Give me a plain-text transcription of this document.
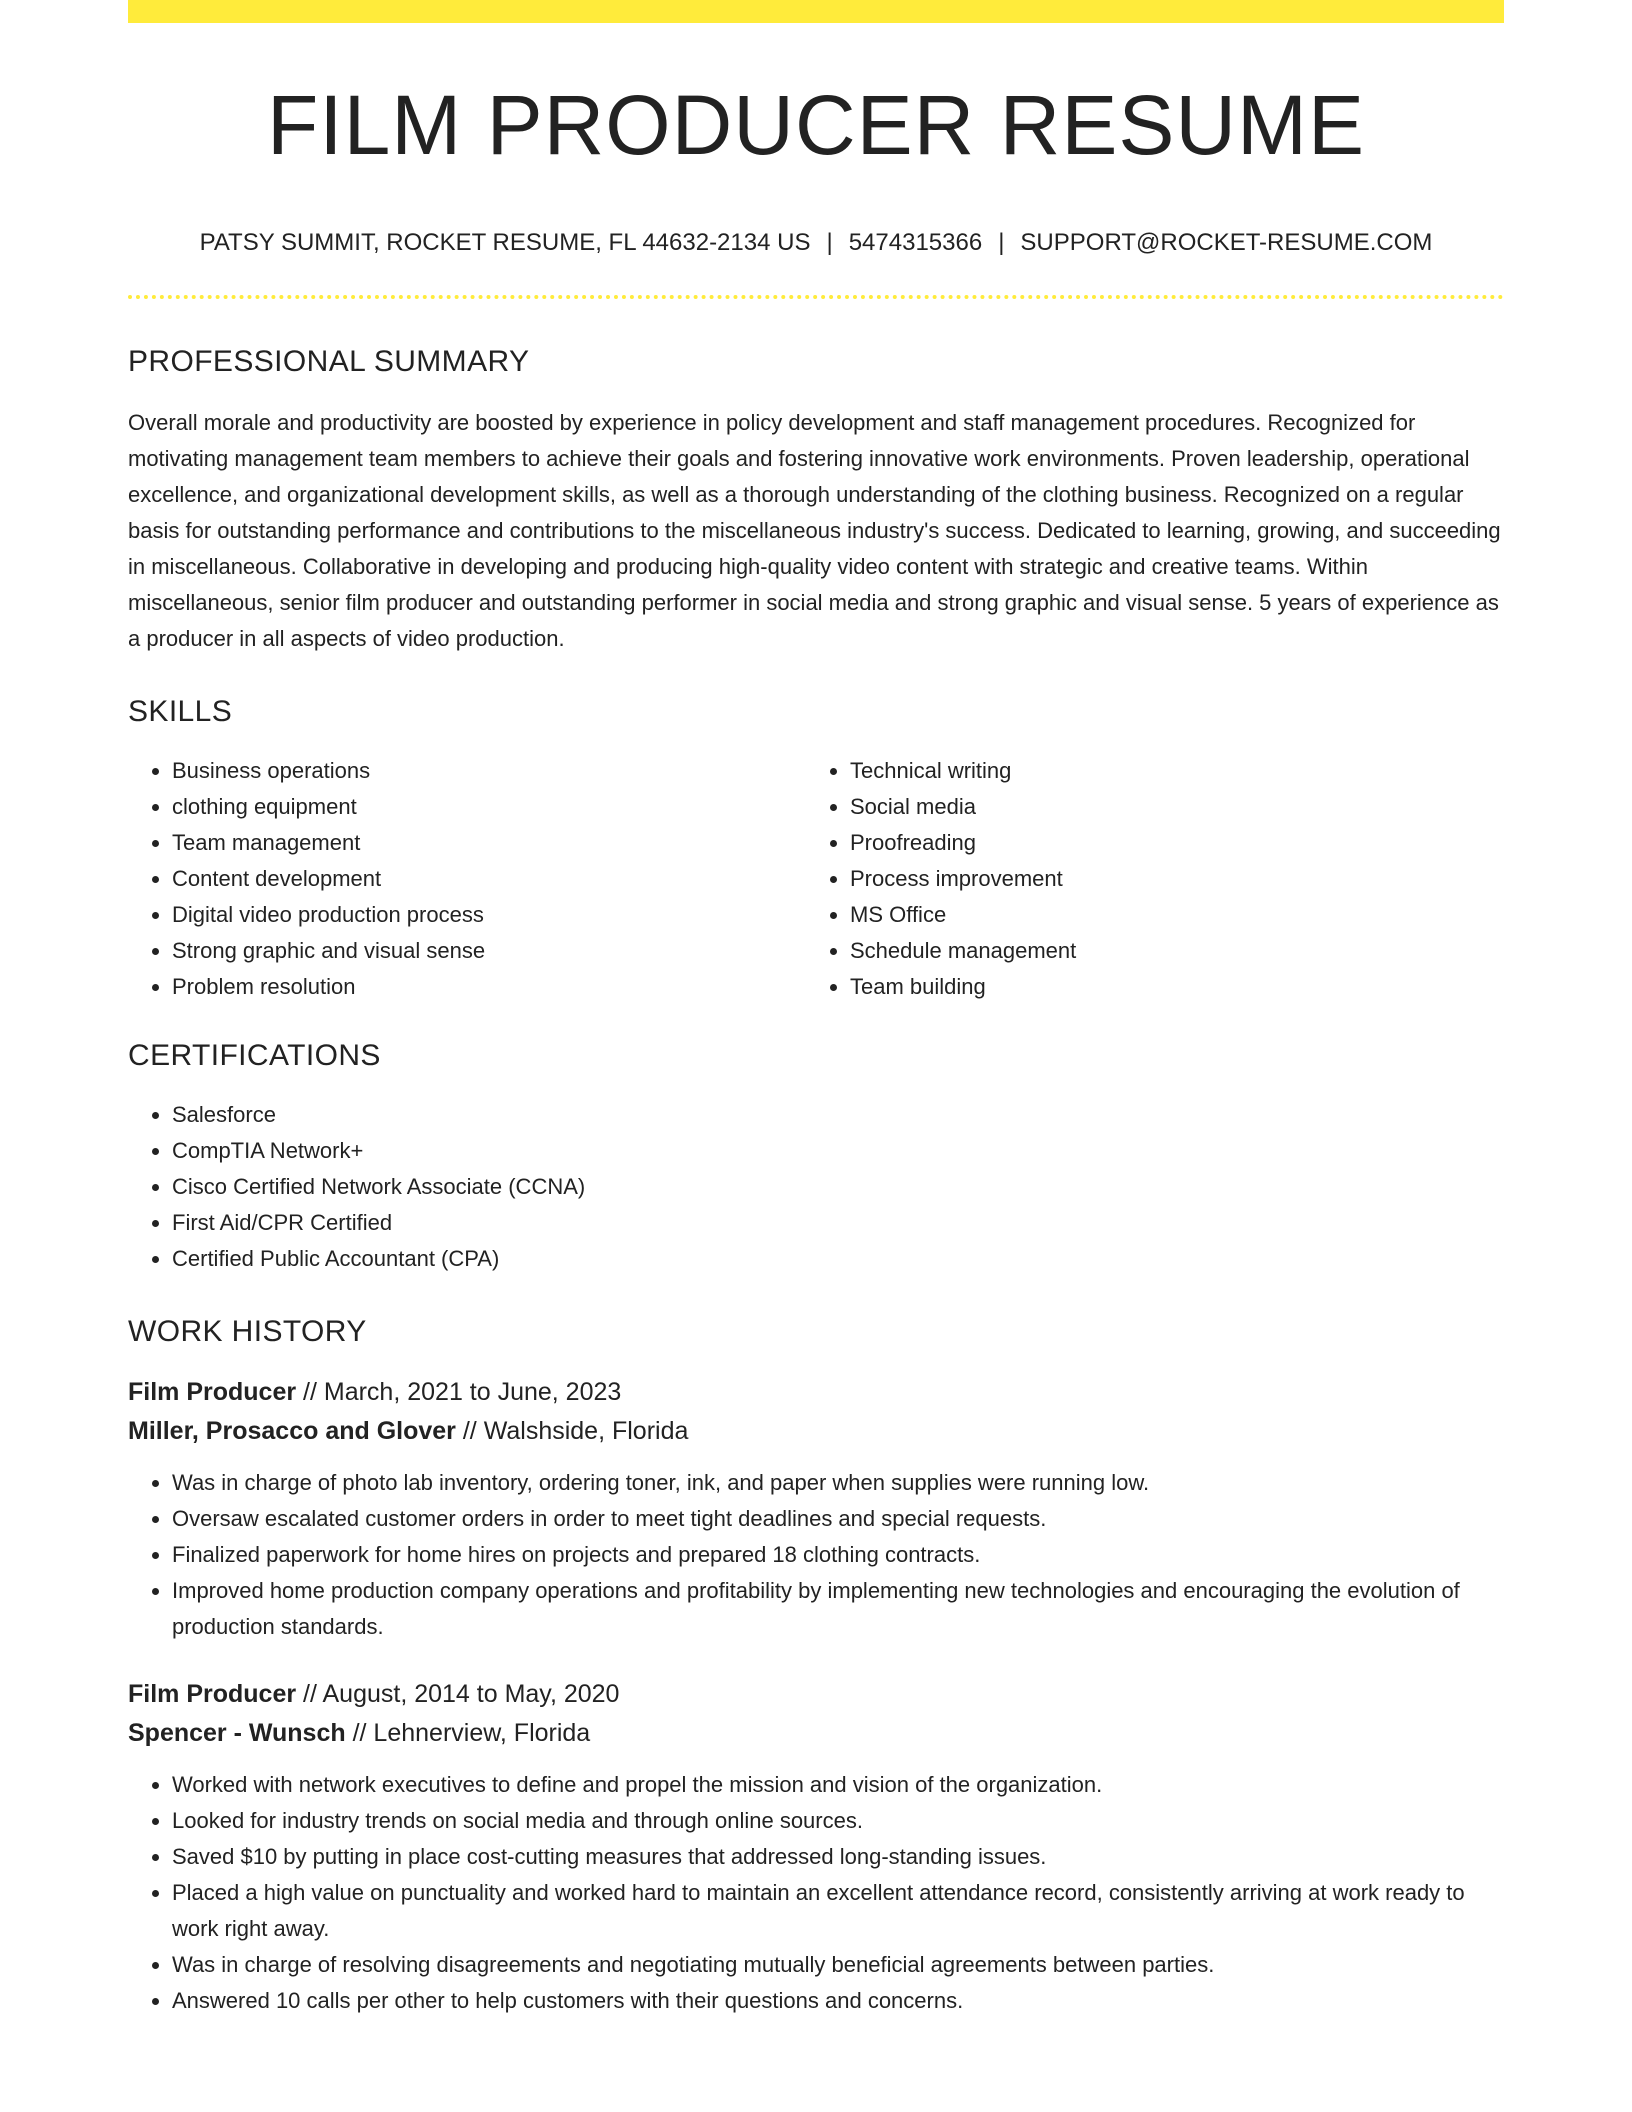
FILM PRODUCER RESUME
PATSY SUMMIT, ROCKET RESUME, FL 44632-2134 US | 5474315366 | SUPPORT@ROCKET-RESUME.COM
PROFESSIONAL SUMMARY

Overall morale and productivity are boosted by experience in policy development and staff management procedures. Recognized for motivating management team members to achieve their goals and fostering innovative work environments. Proven leadership, operational excellence, and organizational development skills, as well as a thorough understanding of the clothing business. Recognized on a regular basis for outstanding performance and contributions to the miscellaneous industry's success. Dedicated to learning, growing, and succeeding in miscellaneous. Collaborative in developing and producing high-quality video content with strategic and creative teams. Within miscellaneous, senior film producer and outstanding performer in social media and strong graphic and visual sense. 5 years of experience as a producer in all aspects of video production.

SKILLS
• Business operations
• clothing equipment
• Team management
• Content development
• Digital video production process
• Strong graphic and visual sense
• Problem resolution
• Technical writing
• Social media
• Proofreading
• Process improvement
• MS Office
• Schedule management
• Team building
CERTIFICATIONS
• Salesforce
• CompTIA Network+
• Cisco Certified Network Associate (CCNA)
• First Aid/CPR Certified
• Certified Public Accountant (CPA)
WORK HISTORY
Film Producer // March, 2021 to June, 2023
Miller, Prosacco and Glover // Walshside, Florida
• Was in charge of photo lab inventory, ordering toner, ink, and paper when supplies were running low.
• Oversaw escalated customer orders in order to meet tight deadlines and special requests.
• Finalized paperwork for home hires on projects and prepared 18 clothing contracts.
• Improved home production company operations and profitability by implementing new technologies and encouraging the evolution of production standards.
Film Producer // August, 2014 to May, 2020
Spencer - Wunsch // Lehnerview, Florida
• Worked with network executives to define and propel the mission and vision of the organization.
• Looked for industry trends on social media and through online sources.
• Saved $10 by putting in place cost-cutting measures that addressed long-standing issues.
• Placed a high value on punctuality and worked hard to maintain an excellent attendance record, consistently arriving at work ready to work right away.
• Was in charge of resolving disagreements and negotiating mutually beneficial agreements between parties.
• Answered 10 calls per other to help customers with their questions and concerns.
